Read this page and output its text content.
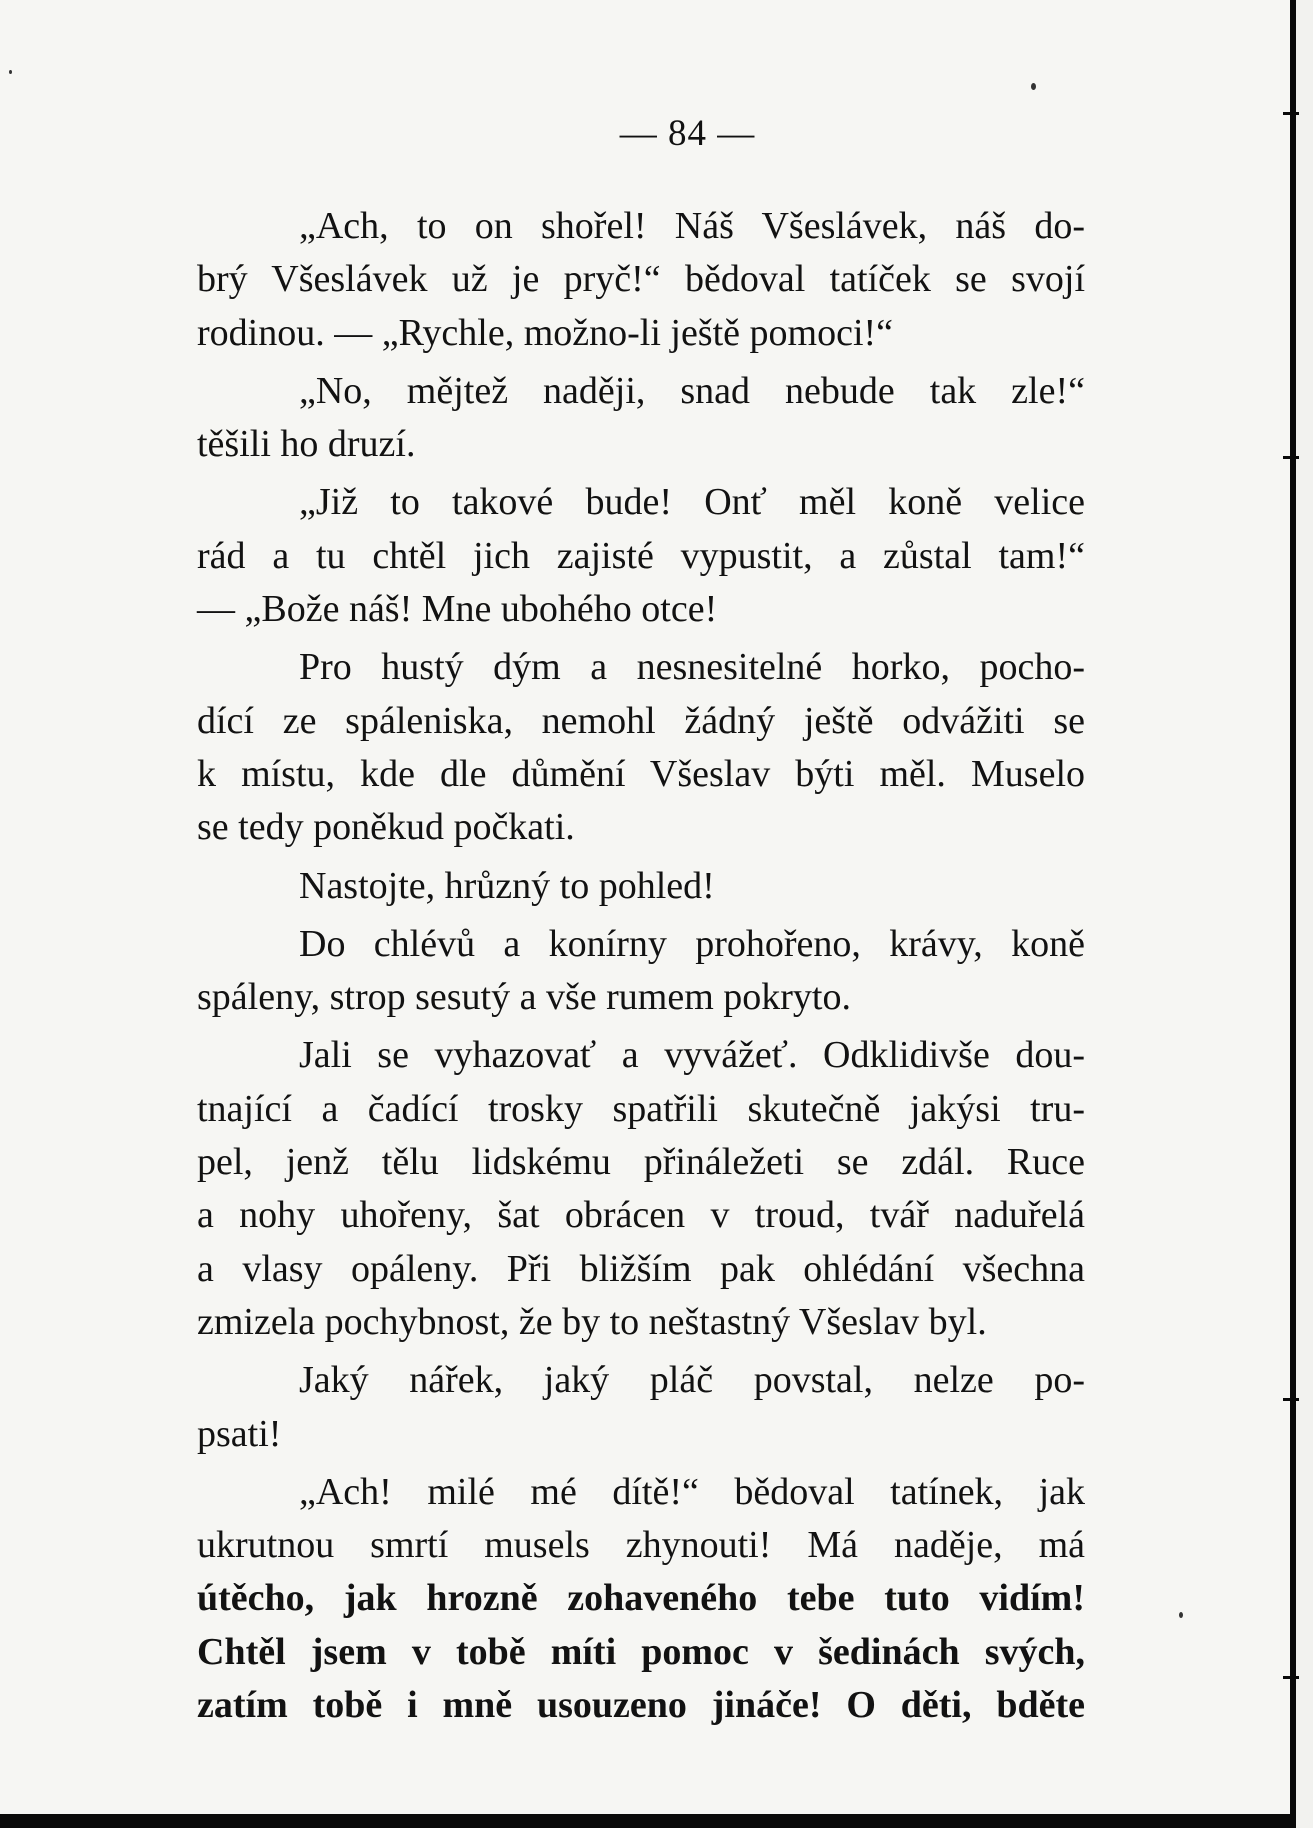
— 84 —
„Ach, to on shořel! Náš Všeslávek, náš do-
brý Všeslávek už je pryč!“ bědoval tatíček se svojí
rodinou. — „Rychle, možno-li ještě pomoci!“
„No, mějtež naději, snad nebude tak zle!“
těšili ho druzí.
„Již to takové bude! Onť měl koně velice
rád a tu chtěl jich zajisté vypustit, a zůstal tam!“
— „Bože náš! Mne ubohého otce!
Pro hustý dým a nesnesitelné horko, pocho-
dící ze spáleniska, nemohl žádný ještě odvážiti se
k místu, kde dle důmění Všeslav býti měl. Muselo
se tedy poněkud počkati.
Nastojte, hrůzný to pohled!
Do chlévů a konírny prohořeno, krávy, koně
spáleny, strop sesutý a vše rumem pokryto.
Jali se vyhazovať a vyvážeť. Odklidivše dou-
tnající a čadící trosky spatřili skutečně jakýsi tru-
pel, jenž tělu lidskému přináležeti se zdál. Ruce
a nohy uhořeny, šat obrácen v troud, tvář naduřelá
a vlasy opáleny. Při bližším pak ohlédání všechna
zmizela pochybnost, že by to neštastný Všeslav byl.
Jaký nářek, jaký pláč povstal, nelze po-
psati!
„Ach! milé mé dítě!“ bědoval tatínek, jak
ukrutnou smrtí musels zhynouti! Má naděje, má
útěcho, jak hrozně zohaveného tebe tuto vidím!
Chtěl jsem v tobě míti pomoc v šedinách svých,
zatím tobě i mně usouzeno jináče! O děti, bděte
